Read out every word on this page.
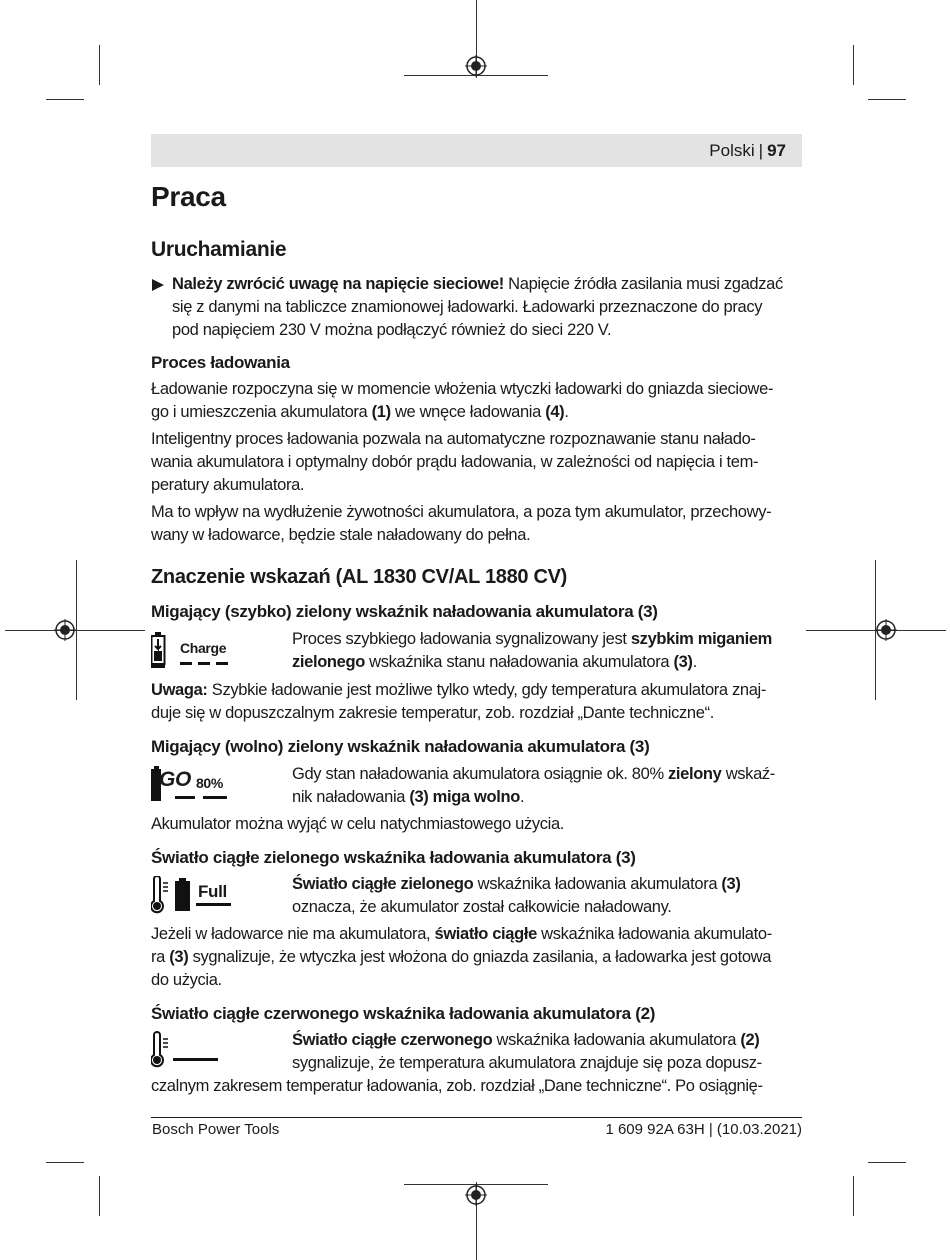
Polski | 97
Praca
Uruchamianie

Należy zwrócić uwagę na napięcie sieciowe! Napięcie źródła zasilania musi zgadzać

się z danymi na tabliczce znamionowej ładowarki. Ładowarki przeznaczone do pracy

pod napięciem 230 V można podłączyć również do sieci 220 V.

Proces ładowania

Ładowanie rozpoczyna się w momencie włożenia wtyczki ładowarki do gniazda sieciowe-

go i umieszczenia akumulatora (1) we wnęce ładowania (4).

Inteligentny proces ładowania pozwala na automatyczne rozpoznawanie stanu nałado-

wania akumulatora i optymalny dobór prądu ładowania, w zależności od napięcia i tem-

peratury akumulatora.

Ma to wpływ na wydłużenie żywotności akumulatora, a poza tym akumulator, przechowy-

wany w ładowarce, będzie stale naładowany do pełna.

Znaczenie wskazań (AL 1830 CV/AL 1880 CV)
Migający (szybko) zielony wskaźnik naładowania akumulatora (3)
Charge	Proces szybkiego ładowania sygnalizowany jest szybkim miganiem

zielonego wskaźnika stanu naładowania akumulatora (3).

Uwaga: Szybkie ładowanie jest możliwe tylko wtedy, gdy temperatura akumulatora znaj-

duje się w dopuszczalnym zakresie temperatur, zob. rozdział „Dante techniczne“.

Migający (wolno) zielony wskaźnik naładowania akumulatora (3)
GO 80%	Gdy stan naładowania akumulatora osiągnie ok. 80% zielony wskaź-

nik naładowania (3) miga wolno.

Akumulator można wyjąć w celu natychmiastowego użycia.

Światło ciągłe zielonego wskaźnika ładowania akumulatora (3)
Full	Światło ciągłe zielonego wskaźnika ładowania akumulatora (3)

oznacza, że akumulator został całkowicie naładowany.

Jeżeli w ładowarce nie ma akumulatora, światło ciągłe wskaźnika ładowania akumulato-

ra (3) sygnalizuje, że wtyczka jest włożona do gniazda zasilania, a ładowarka jest gotowa

do użycia.

Światło ciągłe czerwonego wskaźnika ładowania akumulatora (2)

Światło ciągłe czerwonego wskaźnika ładowania akumulatora (2)

sygnalizuje, że temperatura akumulatora znajduje się poza dopusz-

czalnym zakresem temperatur ładowania, zob. rozdział „Dane techniczne“. Po osiągnię-

Bosch Power Tools	1 609 92A 63H | (10.03.2021)
